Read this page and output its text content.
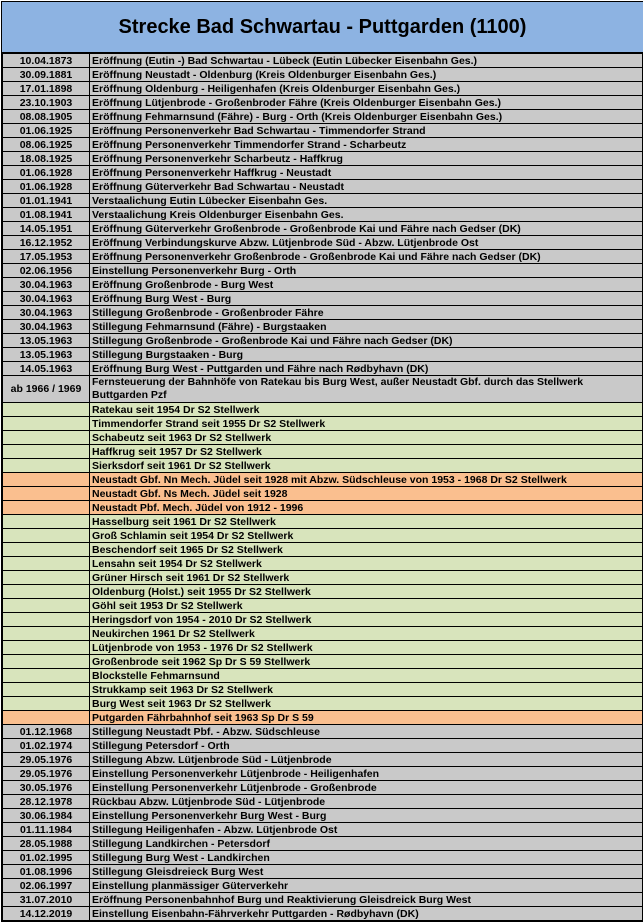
Strecke Bad Schwartau - Puttgarden (1100)
10.04.1873	Eröffnung (Eutin -) Bad Schwartau - Lübeck (Eutin Lübecker Eisenbahn Ges.)
30.09.1881	Eröffnung Neustadt - Oldenburg (Kreis Oldenburger Eisenbahn Ges.)
17.01.1898	Eröffnung Oldenburg - Heiligenhafen (Kreis Oldenburger Eisenbahn Ges.)
23.10.1903	Eröffnung Lütjenbrode - Großenbroder Fähre (Kreis Oldenburger Eisenbahn Ges.)
08.08.1905	Eröffnung Fehmarnsund (Fähre) - Burg - Orth (Kreis Oldenburger Eisenbahn Ges.)
01.06.1925	Eröffnung Personenverkehr Bad Schwartau - Timmendorfer Strand
08.06.1925	Eröffnung Personenverkehr Timmendorfer Strand - Scharbeutz
18.08.1925	Eröffnung Personenverkehr Scharbeutz - Haffkrug
01.06.1928	Eröffnung Personenverkehr Haffkrug - Neustadt
01.06.1928	Eröffnung Güterverkehr Bad Schwartau - Neustadt
01.01.1941	Verstaalichung Eutin Lübecker Eisenbahn Ges.
01.08.1941	Verstaalichung Kreis Oldenburger Eisenbahn Ges.
14.05.1951	Eröffnung Güterverkehr Großenbrode - Großenbrode Kai und Fähre nach Gedser (DK)
16.12.1952	Eröffnung Verbindungskurve Abzw. Lütjenbrode Süd - Abzw. Lütjenbrode Ost
17.05.1953	Eröffnung Personenverkehr Großenbrode - Großenbrode Kai und Fähre nach Gedser (DK)
02.06.1956	Einstellung Personenverkehr Burg - Orth
30.04.1963	Eröffnung Großenbrode - Burg West
30.04.1963	Eröffnung Burg West - Burg
30.04.1963	Stillegung Großenbrode - Großenbroder Fähre
30.04.1963	Stillegung Fehmarnsund (Fähre) - Burgstaaken
13.05.1963	Stillegung Großenbrode - Großenbrode Kai und Fähre nach Gedser (DK)
13.05.1963	Stillegung Burgstaaken - Burg
14.05.1963	Eröffnung Burg West - Puttgarden und Fähre nach Rødbyhavn (DK)
ab 1966 / 1969	Fernsteuerung der Bahnhöfe von Ratekau bis Burg West, außer Neustadt Gbf. durch das Stellwerk Buttgarden Pzf
	Ratekau seit 1954 Dr S2 Stellwerk
	Timmendorfer Strand seit 1955 Dr S2 Stellwerk
	Schabeutz seit 1963 Dr S2 Stellwerk
	Haffkrug seit 1957 Dr S2 Stellwerk
	Sierksdorf seit 1961 Dr S2 Stellwerk
	Neustadt Gbf. Nn Mech. Jüdel seit 1928 mit Abzw. Südschleuse von 1953 - 1968 Dr S2 Stellwerk
	Neustadt Gbf. Ns Mech. Jüdel seit 1928
	Neustadt Pbf. Mech. Jüdel von 1912 - 1996
	Hasselburg seit 1961 Dr S2 Stellwerk
	Groß Schlamin seit 1954 Dr S2 Stellwerk
	Beschendorf seit 1965 Dr S2 Stellwerk
	Lensahn seit 1954 Dr S2 Stellwerk
	Grüner Hirsch seit 1961 Dr S2 Stellwerk
	Oldenburg (Holst.) seit 1955 Dr S2 Stellwerk
	Göhl seit 1953 Dr S2 Stellwerk
	Heringsdorf von 1954 - 2010 Dr S2 Stellwerk
	Neukirchen 1961 Dr S2 Stellwerk
	Lütjenbrode von 1953 - 1976 Dr S2 Stellwerk
	Großenbrode seit 1962 Sp Dr S 59 Stellwerk
	Blockstelle Fehmarnsund
	Strukkamp seit 1963 Dr S2 Stellwerk
	Burg West seit 1963 Dr S2 Stellwerk
	Putgarden Fährbahnhof seit 1963 Sp Dr S 59
01.12.1968	Stillegung Neustadt Pbf. - Abzw. Südschleuse
01.02.1974	Stillegung Petersdorf - Orth
29.05.1976	Stillegung Abzw. Lütjenbrode Süd - Lütjenbrode
29.05.1976	Einstellung Personenverkehr Lütjenbrode - Heiligenhafen
30.05.1976	Einstellung Personenverkehr Lütjenbrode - Großenbrode
28.12.1978	Rückbau Abzw. Lütjenbrode Süd - Lütjenbrode
30.06.1984	Einstellung Personenverkehr Burg West - Burg
01.11.1984	Stillegung Heiligenhafen - Abzw. Lütjenbrode Ost
28.05.1988	Stillegung Landkirchen - Petersdorf
01.02.1995	Stillegung Burg West - Landkirchen
01.08.1996	Stillegung Gleisdreieck Burg West
02.06.1997	Einstellung planmässiger Güterverkehr
31.07.2010	Eröffnung Personenbahnhof Burg und Reaktivierung Gleisdreick Burg West
14.12.2019	Einstellung Eisenbahn-Fährverkehr Puttgarden - Rødbyhavn (DK)
